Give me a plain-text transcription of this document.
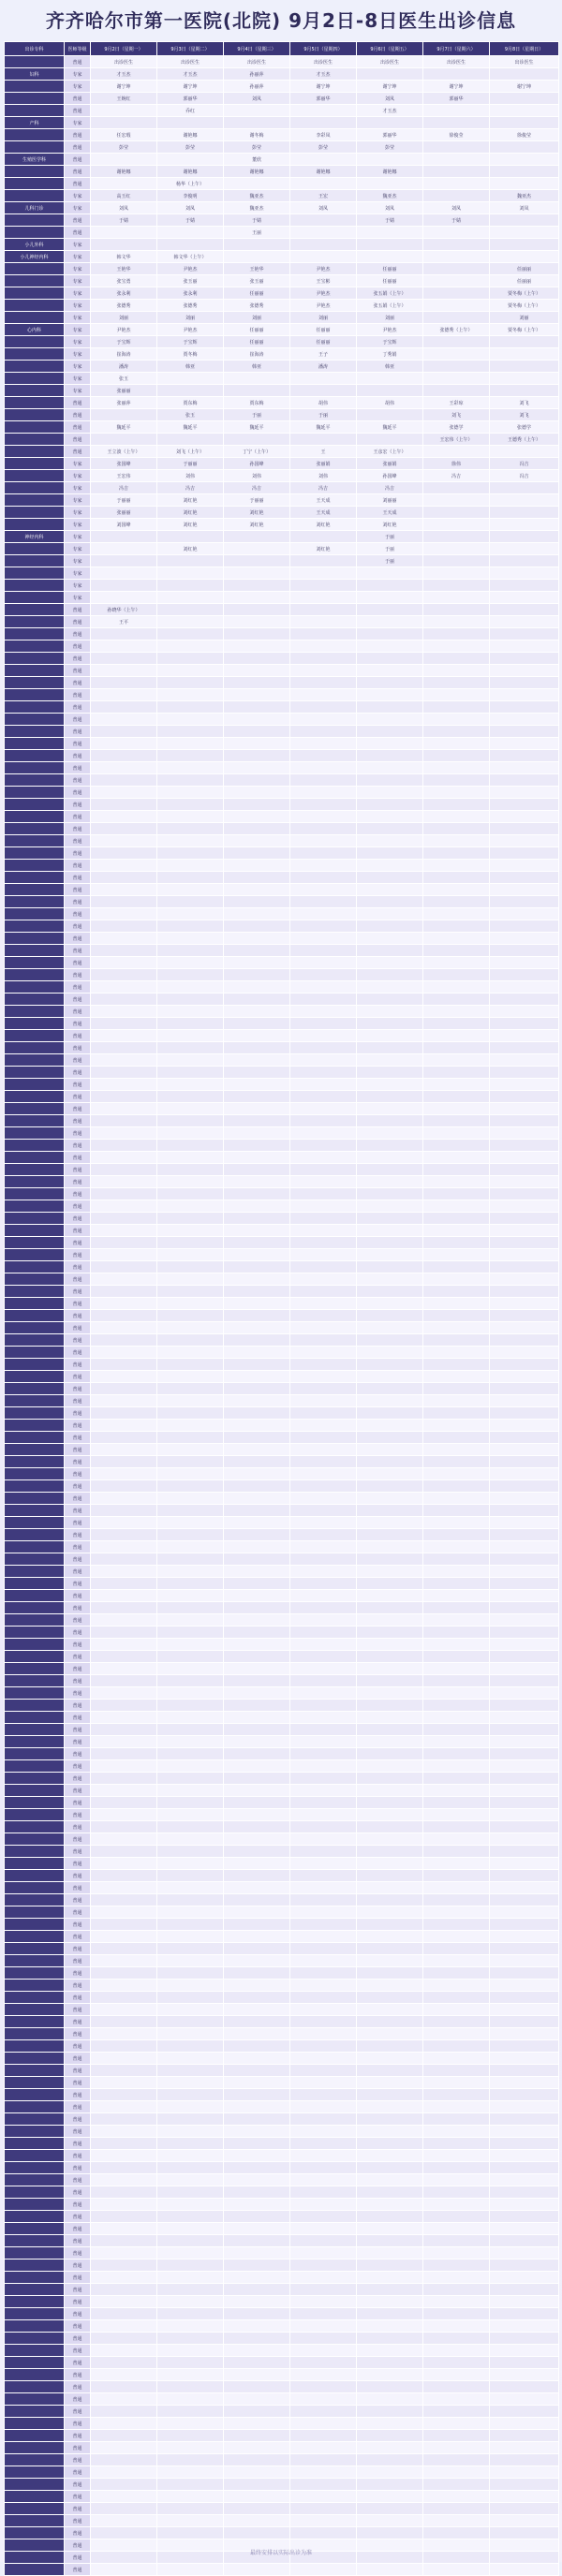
齐齐哈尔市第一医院(北院) 9月2日-8日医生出诊信息
出诊专科	医师等级	9月2日（星期一）	9月3日（星期二）	9月4日（星期三）	9月5日（星期四）	9月6日（星期五）	9月7日（星期六）	9月8日（星期日）
	普通	出诊医生	出诊医生	出诊医生	出诊医生	出诊医生	出诊医生	出诊医生
妇科	专家	才玉杰	才玉杰	孙丽萍	才玉杰			
	专家	谢宁坤	谢宁坤	孙丽萍	谢宁坤	谢宁坤	谢宁坤	谢宁坤
	普通	王婉红	郭丽华	刘凤	郭丽华	刘凤	郭丽华	
	普通		乔红			才玉杰		
产科	专家							
	普通	任宏瑕	谢艳娜	谢冬梅	李彩凤	郭丽华	徐俊莹	徐俊莹
	普通	彭莹	彭莹	彭莹	彭莹	彭莹		
生殖医学科	普通			董欣				
	普通	谢艳娜	谢艳娜	谢艳娜	谢艳娜	谢艳娜		
	普通		杨华（上午）					
	专家	高玉红	李俊明	魏亚杰	王宏	魏亚杰		魏亚杰
儿科门诊	专家	刘凤	刘凤	魏亚杰	刘凤	刘凤	刘凤	刘凤
	普通	于婧	于婧	于婧		于婧	于婧	
	普通			王丽				
小儿外科	专家							
小儿神经内科	专家	韩文华	韩文华（上午）					
	专家	王艳华	尹艳杰	王艳华	尹艳杰	任丽丽		任丽丽
	专家	张宝勇	张玉丽	张玉丽	王宝彬	任丽丽		任丽丽
	专家	张永利	张永利	任丽丽	尹艳杰	张五娟（上午）		贾冬梅（上午）
	专家	张德秀	张德秀	张德秀	尹艳杰	张五娟（上午）		贾冬梅（上午）
	专家	刘丽	刘丽	刘丽	刘丽	刘丽		刘丽
心内科	专家	尹艳杰	尹艳杰	任丽丽	任丽丽	尹艳杰	张德秀（上午）	贾冬梅（上午）
	专家	于宝辉	于宝辉	任丽丽	任丽丽	于宝辉		
	专家	崔海涛	贾冬梅	崔海涛	王子	丁秀娟		
	专家	潘涛	韩亚	韩亚	潘涛	韩亚		
	专家	张玉						
	专家	张丽丽						
	普通	张丽萍	贾东梅	贾东梅	胡伟	胡伟	王彩琼	刘飞
	普通		张玉	于丽	于丽		刘飞	刘飞
	普通	魏延平	魏延平	魏延平	魏延平	魏延平	张德学	张德学
	普通						王宏伟（上午）	王德秀（上午）
	普通	王立波（上午）	刘飞（上午）	丁宁（上午）	王	王彦宏（上午）		
	专家	张国峰	于丽丽	孙国峰	张丽娟	张丽娟	徐伟	冯吉
	专家	王宏伟	刘伟	刘伟	刘伟	孙国峰	冯吉	冯吉
	专家	冯吉	冯吉	冯吉	冯吉	冯吉		
	专家	于丽丽	刘红艳	于丽丽	王天成	刘丽丽		
	专家	张丽丽	刘红艳	刘红艳	王天成	王天成		
	专家	刘国峰	刘红艳	刘红艳	刘红艳	刘红艳		
神经内科	专家					于丽		
	专家		刘红艳		刘红艳	于丽		
	专家					于丽		
	专家							
	专家							
	专家							
	普通	孙晓华（上午）						
	普通	王平						
	普通							
	普通							
	普通							
	普通							
	普通							
	普通							
	普通							
	普通							
	普通							
	普通							
	普通							
	普通							
	普通							
	普通							
	普通							
	普通							
	普通							
	普通							
	普通							
	普通							
	普通							
	普通							
	普通							
	普通							
	普通							
	普通							
	普通							
	普通							
	普通							
	普通							
	普通							
	普通							
	普通							
	普通							
	普通							
	普通							
	普通							
	普通							
	普通							
	普通							
	普通							
	普通							
	普通							
	普通							
	普通							
	普通							
	普通							
	普通							
	普通							
	普通							
	普通							
	普通							
	普通							
	普通							
	普通							
	普通							
	普通							
	普通							
	普通							
	普通							
	普通							
	普通							
	普通							
	普通							
	普通							
	普通							
	普通							
	普通							
	普通							
	普通							
	普通							
	普通							
	普通							
	普通							
	普通							
	普通							
	普通							
	普通							
	普通							
	普通							
	普通							
	普通							
	普通							
	普通							
	普通							
	普通							
	普通							
	普通							
	普通							
	普通							
	普通							
	普通							
	普通							
	普通							
	普通							
	普通							
	普通							
	普通							
	普通							
	普通							
	普通							
	普通							
	普通							
	普通							
	普通							
	普通							
	普通							
	普通							
	普通							
	普通							
	普通							
	普通							
	普通							
	普通							
	普通							
	普通							
	普通							
	普通							
	普通							
	普通							
	普通							
	普通							
	普通							
	普通							
	普通							
	普通							
	普通							
	普通							
	普通							
	普通							
	普通							
	普通							
	普通							
	普通							
	普通							
	普通							
	普通							
	普通							
	普通							
	普通							
	普通							
	普通							
	普通							
	普通							
	普通							
	普通							
	普通							
	普通							
	普通							
	普通							
	普通							
	普通							
	普通							
	普通							
	普通							
	普通							
	普通							
	普通							
	普通							
	普通							
最终安排以实际出诊为准
